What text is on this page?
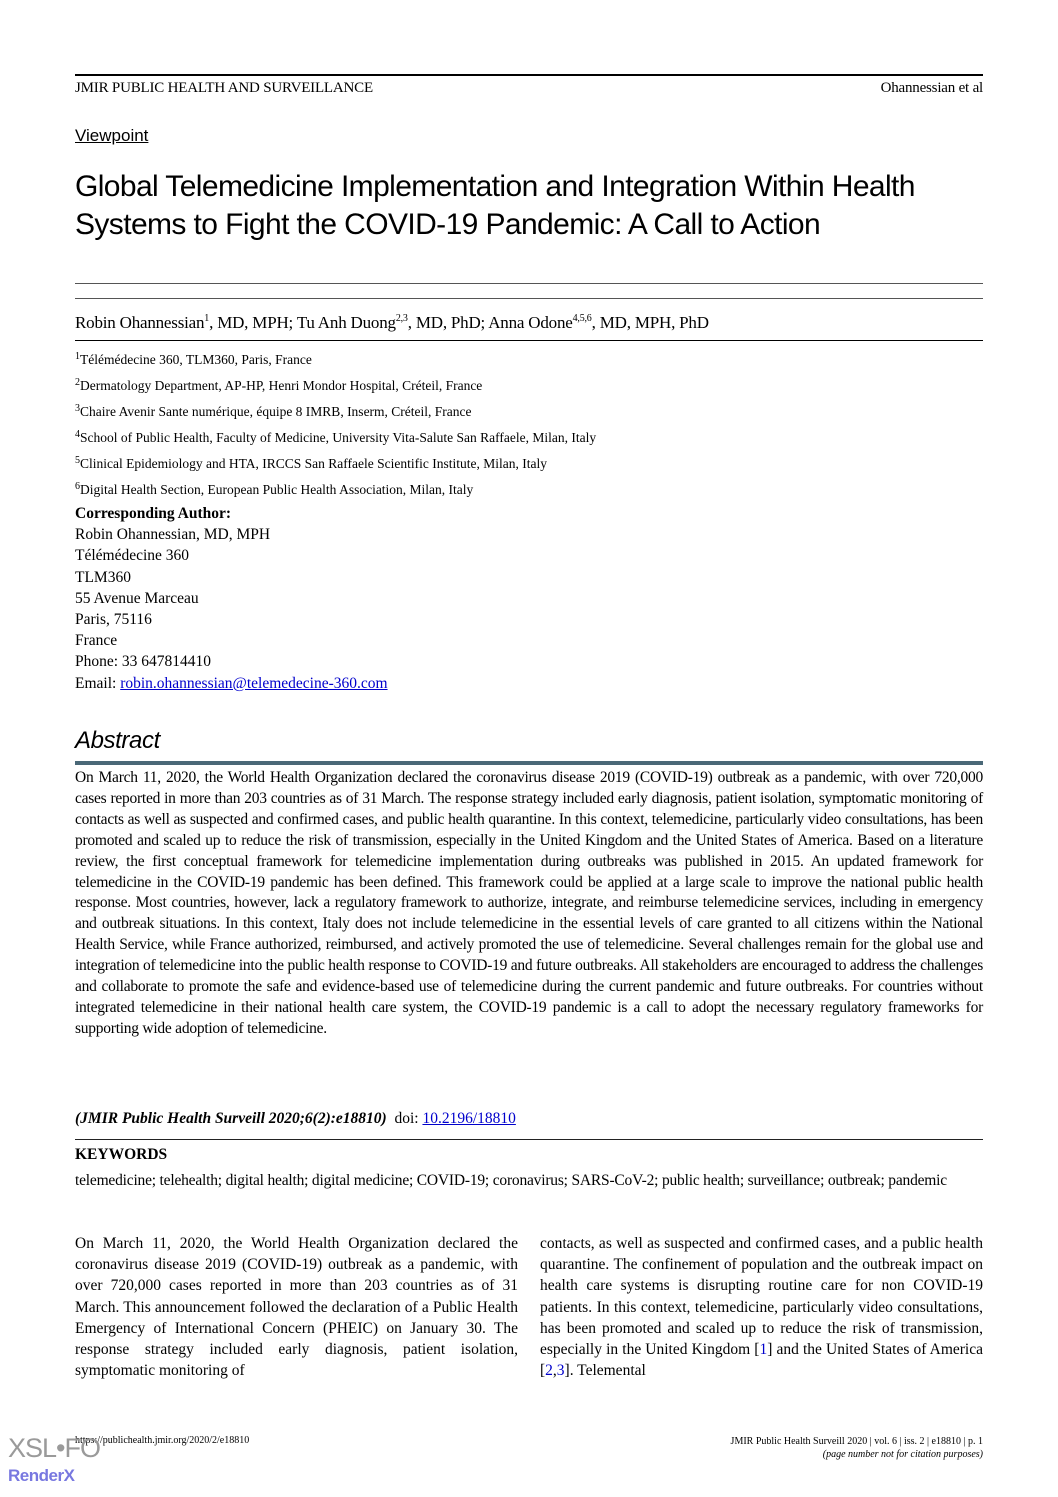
JMIR PUBLIC HEALTH AND SURVEILLANCE	Ohannessian et al
Viewpoint
Global Telemedicine Implementation and Integration Within Health
Systems to Fight the COVID-19 Pandemic: A Call to Action
Robin Ohannessian$^1$, MD, MPH; Tu Anh Duong$^{2,3}$, MD, PhD; Anna Odone$^{4,5,6}$, MD, MPH, PhD
$^1$Télémédecine 360, TLM360, Paris, France
$^2$Dermatology Department, AP-HP, Henri Mondor Hospital, Créteil, France
$^3$Chaire Avenir Sante numérique, équipe 8 IMRB, Inserm, Créteil, France
$^4$School of Public Health, Faculty of Medicine, University Vita-Salute San Raffaele, Milan, Italy
$^5$Clinical Epidemiology and HTA, IRCCS San Raffaele Scientific Institute, Milan, Italy
$^6$Digital Health Section, European Public Health Association, Milan, Italy
Corresponding Author:
Robin Ohannessian, MD, MPH
Télémédecine 360
TLM360
55 Avenue Marceau
Paris, 75116
France
Phone: 33 647814410
Email: robin.ohannessian@telemedecine-360.com
Abstract
On March 11, 2020, the World Health Organization declared the coronavirus disease 2019 (COVID-19) outbreak as a pandemic, with over 720,000 cases reported in more than 203 countries as of 31 March. The response strategy included early diagnosis, patient isolation, symptomatic monitoring of contacts as well as suspected and confirmed cases, and public health quarantine. In this context, telemedicine, particularly video consultations, has been promoted and scaled up to reduce the risk of transmission, especially in the United Kingdom and the United States of America. Based on a literature review, the first conceptual framework for telemedicine implementation during outbreaks was published in 2015. An updated framework for telemedicine in the COVID-19 pandemic has been defined. This framework could be applied at a large scale to improve the national public health response. Most countries, however, lack a regulatory framework to authorize, integrate, and reimburse telemedicine services, including in emergency and outbreak situations. In this context, Italy does not include telemedicine in the essential levels of care granted to all citizens within the National Health Service, while France authorized, reimbursed, and actively promoted the use of telemedicine. Several challenges remain for the global use and integration of telemedicine into the public health response to COVID-19 and future outbreaks. All stakeholders are encouraged to address the challenges and collaborate to promote the safe and evidence-based use of telemedicine during the current pandemic and future outbreaks. For countries without integrated telemedicine in their national health care system, the COVID-19 pandemic is a call to adopt the necessary regulatory frameworks for supporting wide adoption of telemedicine.
(JMIR Public Health Surveill 2020;6(2):e18810)  doi: 10.2196/18810
KEYWORDS
telemedicine; telehealth; digital health; digital medicine; COVID-19; coronavirus; SARS-CoV-2; public health; surveillance; outbreak; pandemic
On March 11, 2020, the World Health Organization declared the coronavirus disease 2019 (COVID-19) outbreak as a pandemic, with over 720,000 cases reported in more than 203 countries as of 31 March. This announcement followed the declaration of a Public Health Emergency of International Concern (PHEIC) on January 30. The response strategy included early diagnosis, patient isolation, symptomatic monitoring of
contacts, as well as suspected and confirmed cases, and a public health quarantine. The confinement of population and the outbreak impact on health care systems is disrupting routine care for non COVID-19 patients. In this context, telemedicine, particularly video consultations, has been promoted and scaled up to reduce the risk of transmission, especially in the United Kingdom [1] and the United States of America [2,3]. Telemental
https://publichealth.jmir.org/2020/2/e18810	JMIR Public Health Surveill 2020 | vol. 6 | iss. 2 | e18810 | p. 1
(page number not for citation purposes)
XSL•FO
RenderX
